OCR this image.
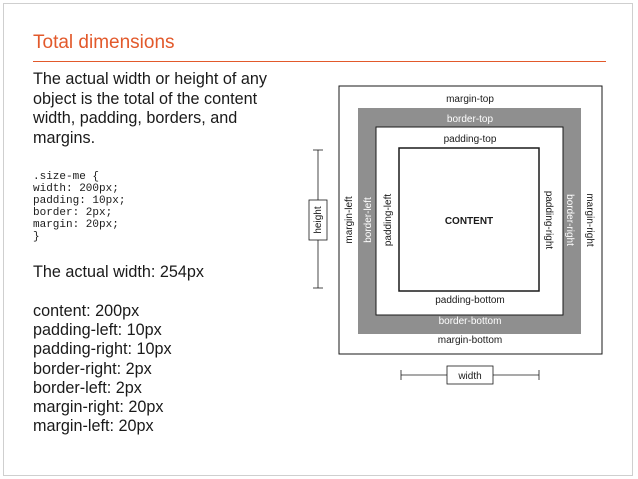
Total dimensions
The actual width or height of any object is the total of the content width, padding, borders, and margins.
.size-me {
width: 200px;
padding: 10px;
border: 2px;
margin: 20px;
}
The actual width: 254px
content: 200px
padding-left: 10px
padding-right: 10px
border-right: 2px
border-left: 2px
margin-right: 20px
margin-left: 20px
margin-top
border-top
padding-top
CONTENT
padding-bottom
border-bottom
margin-bottom
margin-left border-left padding-left	padding-right border-right margin-right
height
width
